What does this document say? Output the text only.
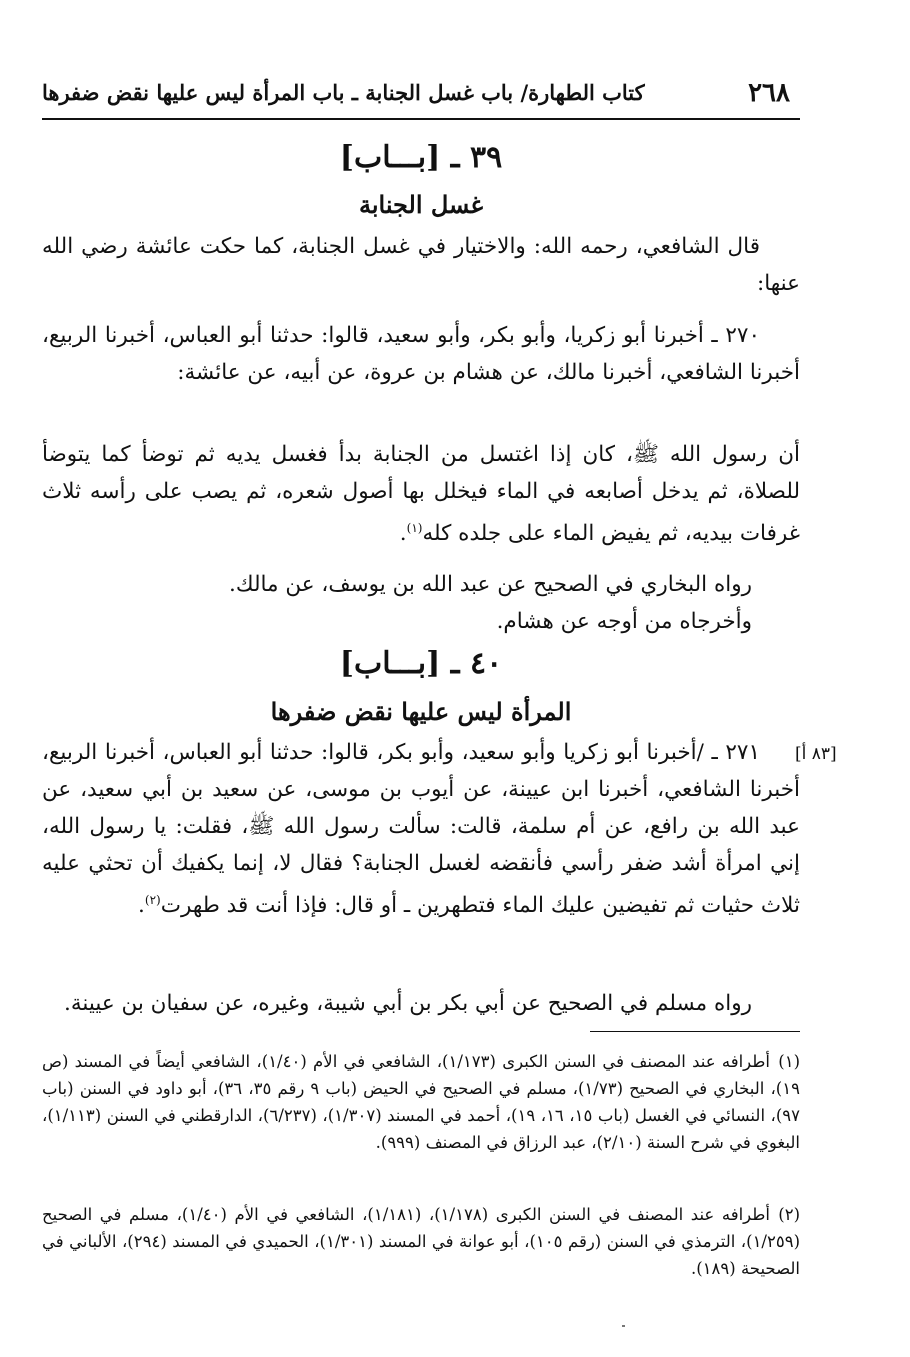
٢٦٨
كتاب الطهارة/ باب غسل الجنابة ـ باب المرأة ليس عليها نقض ضفرها
٣٩ ـ [بـــاب]
غسل الجنابة

قال الشافعي، رحمه الله: والاختيار في غسل الجنابة، كما حكت عائشة رضي الله عنها:

٢٧٠ ـ أخبرنا أبو زكريا، وأبو بكر، وأبو سعيد، قالوا: حدثنا أبو العباس، أخبرنا الربيع، أخبرنا الشافعي، أخبرنا مالك، عن هشام بن عروة، عن أبيه، عن عائشة:

أن رسول الله ﷺ، كان إذا اغتسل من الجنابة بدأ فغسل يديه ثم توضأ كما يتوضأ للصلاة، ثم يدخل أصابعه في الماء فيخلل بها أصول شعره، ثم يصب على رأسه ثلاث غرفات بيديه، ثم يفيض الماء على جلده كله$^{(١)}$.

رواه البخاري في الصحيح عن عبد الله بن يوسف، عن مالك.

وأخرجاه من أوجه عن هشام.

٤٠ ـ [بـــاب]
المرأة ليس عليها نقض ضفرها
[٨٣ أ]

٢٧١ ـ /أخبرنا أبو زكريا وأبو سعيد، وأبو بكر، قالوا: حدثنا أبو العباس، أخبرنا الربيع، أخبرنا الشافعي، أخبرنا ابن عيينة، عن أيوب بن موسى، عن سعيد بن أبي سعيد، عن عبد الله بن رافع، عن أم سلمة، قالت: سألت رسول الله ﷺ، فقلت: يا رسول الله، إني امرأة أشد ضفر رأسي فأنقضه لغسل الجنابة؟ فقال لا، إنما يكفيك أن تحثي عليه ثلاث حثيات ثم تفيضين عليك الماء فتطهرين ـ أو قال: فإذا أنت قد طهرت$^{(٢)}$.

رواه مسلم في الصحيح عن أبي بكر بن أبي شيبة، وغيره، عن سفيان بن عيينة.

(١)أطرافه عند المصنف في السنن الكبرى (١/١٧٣)، الشافعي في الأم (١/٤٠)، الشافعي أيضاً في المسند (ص ١٩)، البخاري في الصحيح (١/٧٣)، مسلم في الصحيح في الحيض (باب ٩ رقم ٣٥، ٣٦)، أبو داود في السنن (باب ٩٧)، النسائي في الغسل (باب ١٥، ١٦، ١٩)، أحمد في المسند (١/٣٠٧)، (٦/٢٣٧)، الدارقطني في السنن (١/١١٣)، البغوي في شرح السنة (٢/١٠)، عبد الرزاق في المصنف (٩٩٩).

(٢)أطرافه عند المصنف في السنن الكبرى (١/١٧٨)، (١/١٨١)، الشافعي في الأم (١/٤٠)، مسلم في الصحيح (١/٢٥٩)، الترمذي في السنن (رقم ١٠٥)، أبو عوانة في المسند (١/٣٠١)، الحميدي في المسند (٢٩٤)، الألباني في الصحيحة (١٨٩).
